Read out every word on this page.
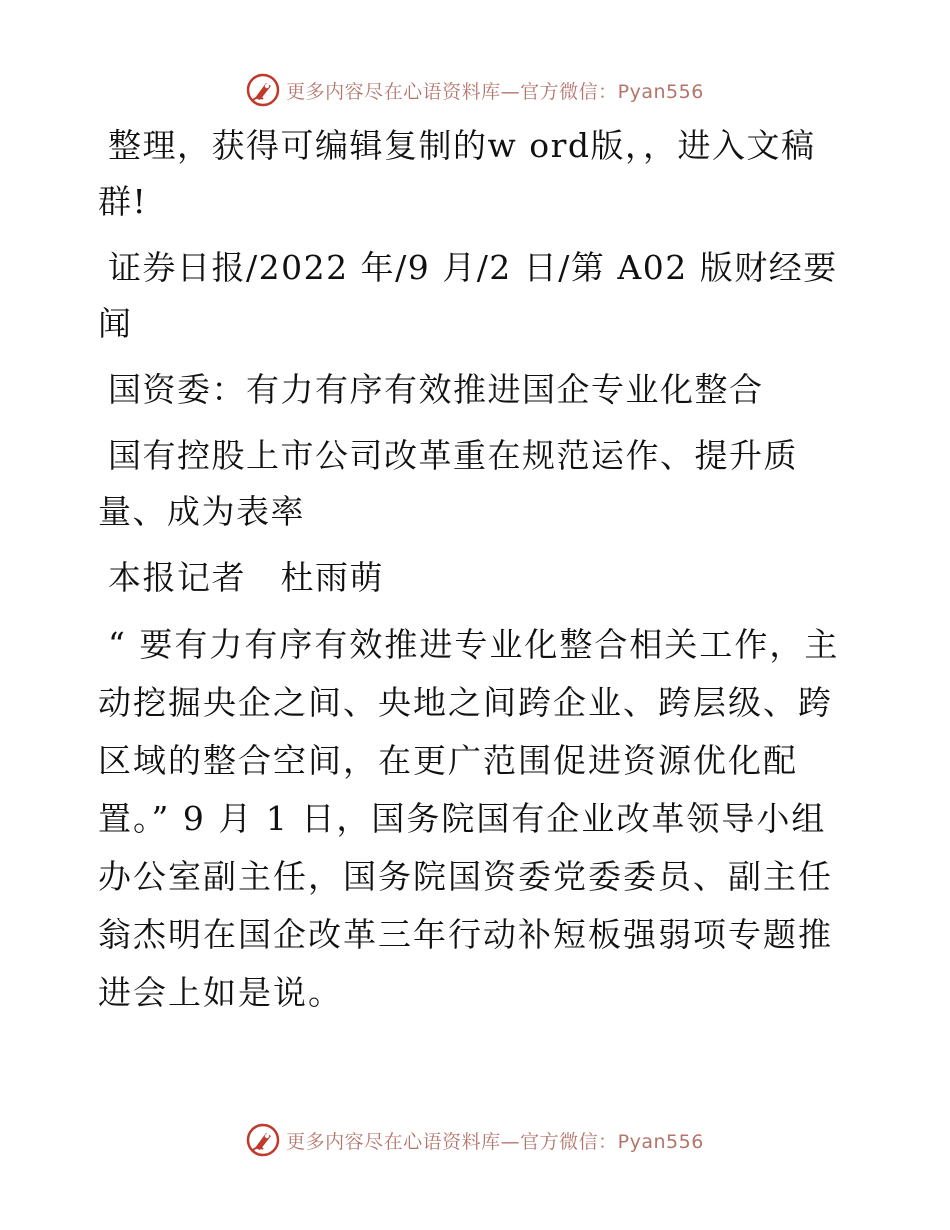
更多内容尽在心语资料库—官方微信：Pyan556

整理，获得可编辑复制的w ord版，，进入文稿群!

证券日报/2022 年/9 月/2 日/第 A02 版财经要闻

国资委：有力有序有效推进国企专业化整合

国有控股上市公司改革重在规范运作、提升质量、成为表率

本报记者　杜雨萌

“ 要有力有序有效推进专业化整合相关工作，主动挖掘央企之间、央地之间跨企业、跨层级、跨区域的整合空间，在更广范围促进资源优化配置。” 9 月 1 日，国务院国有企业改革领导小组办公室副主任，国务院国资委党委委员、副主任翁杰明在国企改革三年行动补短板强弱项专题推进会上如是说。

更多内容尽在心语资料库—官方微信：Pyan556
